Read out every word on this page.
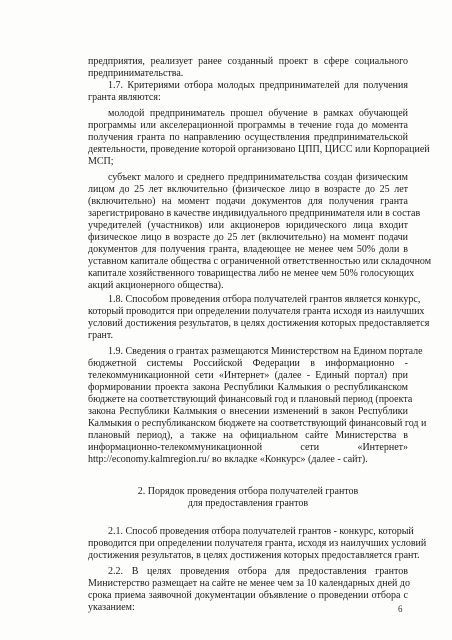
предприятия, реализует ранее созданный проект в сфере социального
предпринимательства.
1.7. Критериями отбора молодых предпринимателей для получения
гранта являются:
молодой предприниматель прошел обучение в рамках обучающей
программы или акселерационной программы в течение года до момента
получения гранта по направлению осуществления предпринимательской
деятельности, проведение которой организовано ЦПП, ЦИСС или Корпорацией
МСП;
субъект малого и среднего предпринимательства создан физическим
лицом до 25 лет включительно (физическое лицо в возрасте до 25 лет
(включительно) на момент подачи документов для получения гранта
зарегистрировано в качестве индивидуального предпринимателя или в состав
учредителей (участников) или акционеров юридического лица входит
физическое лицо в возрасте до 25 лет (включительно) на момент подачи
документов для получения гранта, владеющее не менее чем 50% доли в
уставном капитале общества с ограниченной ответственностью или складочном
капитале хозяйственного товарищества либо не менее чем 50% голосующих
акций акционерного общества).
1.8. Способом проведения отбора получателей грантов является конкурс,
который проводится при определении получателя гранта исходя из наилучших
условий достижения результатов, в целях достижения которых предоставляется
грант.
1.9. Сведения о грантах размещаются Министерством на Едином портале
бюджетной системы Российской Федерации в информационно -
телекоммуникационной сети «Интернет» (далее - Единый портал) при
формировании проекта закона Республики Калмыкия о республиканском
бюджете на соответствующий финансовый год и плановый период (проекта
закона Республики Калмыкия о внесении изменений в закон Республики
Калмыкия о республиканском бюджете на соответствующий финансовый год и
плановый период), а также на официальном сайте Министерства в
информационно-телекоммуникационной сети «Интернет»
http://economy.kalmregion.ru/ во вкладке «Конкурс» (далее - сайт).
2. Порядок проведения отбора получателей грантов
для предоставления грантов
2.1. Способ проведения отбора получателей грантов - конкурс, который
проводится при определении получателя гранта, исходя из наилучших условий
достижения результатов, в целях достижения которых предоставляется грант.
2.2. В целях проведения отбора для предоставления грантов
Министерство размещает на сайте не менее чем за 10 календарных дней до
срока приема заявочной документации объявление о проведении отбора с
указанием:	6
